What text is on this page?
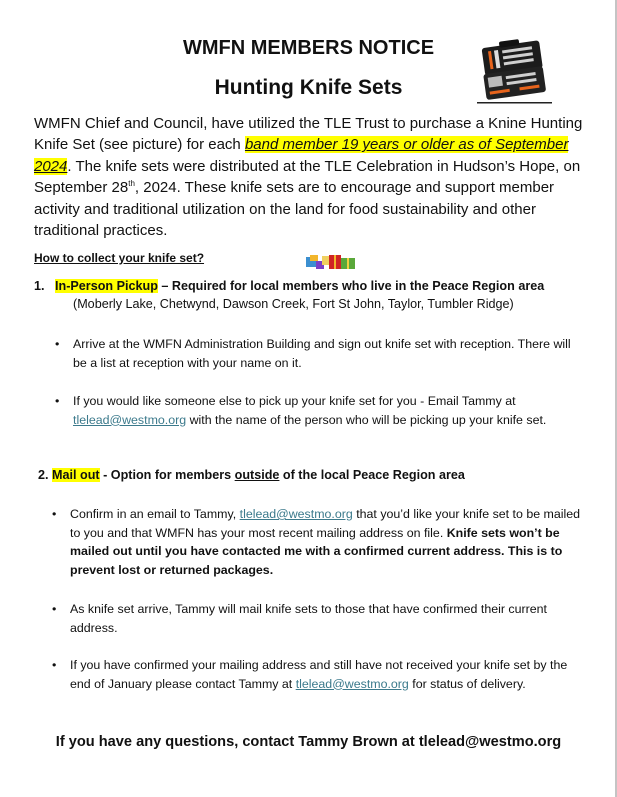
WMFN MEMBERS NOTICE
Hunting Knife Sets
WMFN Chief and Council, have utilized the TLE Trust to purchase a Knine Hunting Knife Set (see picture) for each band member 19 years or older as of September 2024. The knife sets were distributed at the TLE Celebration in Hudson’s Hope, on September 28th, 2024. These knife sets are to encourage and support member activity and traditional utilization on the land for food sustainability and other traditional practices.
How to collect your knife set?
1. In-Person Pickup – Required for local members who live in the Peace Region area
(Moberly Lake, Chetwynd, Dawson Creek, Fort St John, Taylor, Tumbler Ridge)
• Arrive at the WMFN Administration Building and sign out knife set with reception. There will be a list at reception with your name on it.
• If you would like someone else to pick up your knife set for you - Email Tammy at tlelead@westmo.org with the name of the person who will be picking up your knife set.
2. Mail out - Option for members outside of the local Peace Region area
• Confirm in an email to Tammy, tlelead@westmo.org that you’d like your knife set to be mailed to you and that WMFN has your most recent mailing address on file. Knife sets won’t be mailed out until you have contacted me with a confirmed current address. This is to prevent lost or returned packages.
• As knife set arrive, Tammy will mail knife sets to those that have confirmed their current address.
• If you have confirmed your mailing address and still have not received your knife set by the end of January please contact Tammy at tlelead@westmo.org for status of delivery.
If you have any questions, contact Tammy Brown at tlelead@westmo.org
